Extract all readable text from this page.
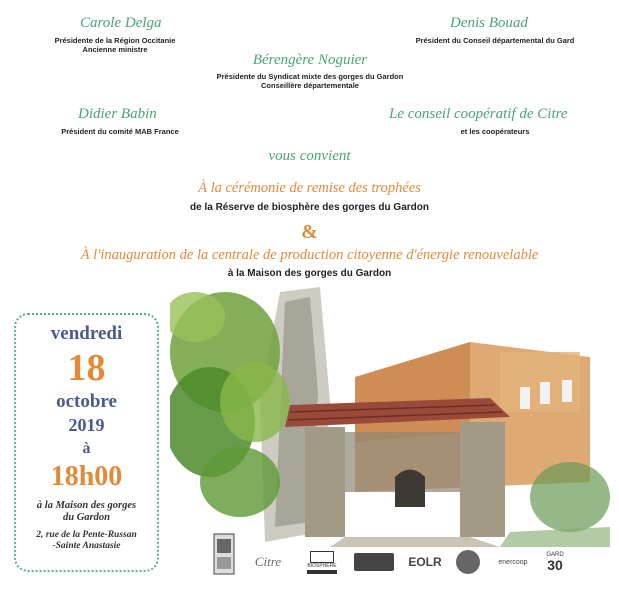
Carole Delga
Présidente de la Région Occitanie
Ancienne ministre
Denis Bouad
Président du Conseil départemental du Gard
Bérengère Noguier
Présidente du Syndicat mixte des gorges du Gardon
Conseillère départementale
Didier Babin
Président du comité MAB France
Le conseil coopératif de Citre
et les coopérateurs
vous convient
À la cérémonie de remise des trophées
de la Réserve de biosphère des gorges du Gardon
&
À l'inauguration de la centrale de production citoyenne d'énergie renouvelable
à la Maison des gorges du Gardon
vendredi
18
octobre
2019
à
18h00
à la Maison des gorges
du Gardon
2, rue de la Pente-Russan
-Sainte Anastasie
Citre	BIOSPHÈRE	EOLR	enercoop
GARD
30
